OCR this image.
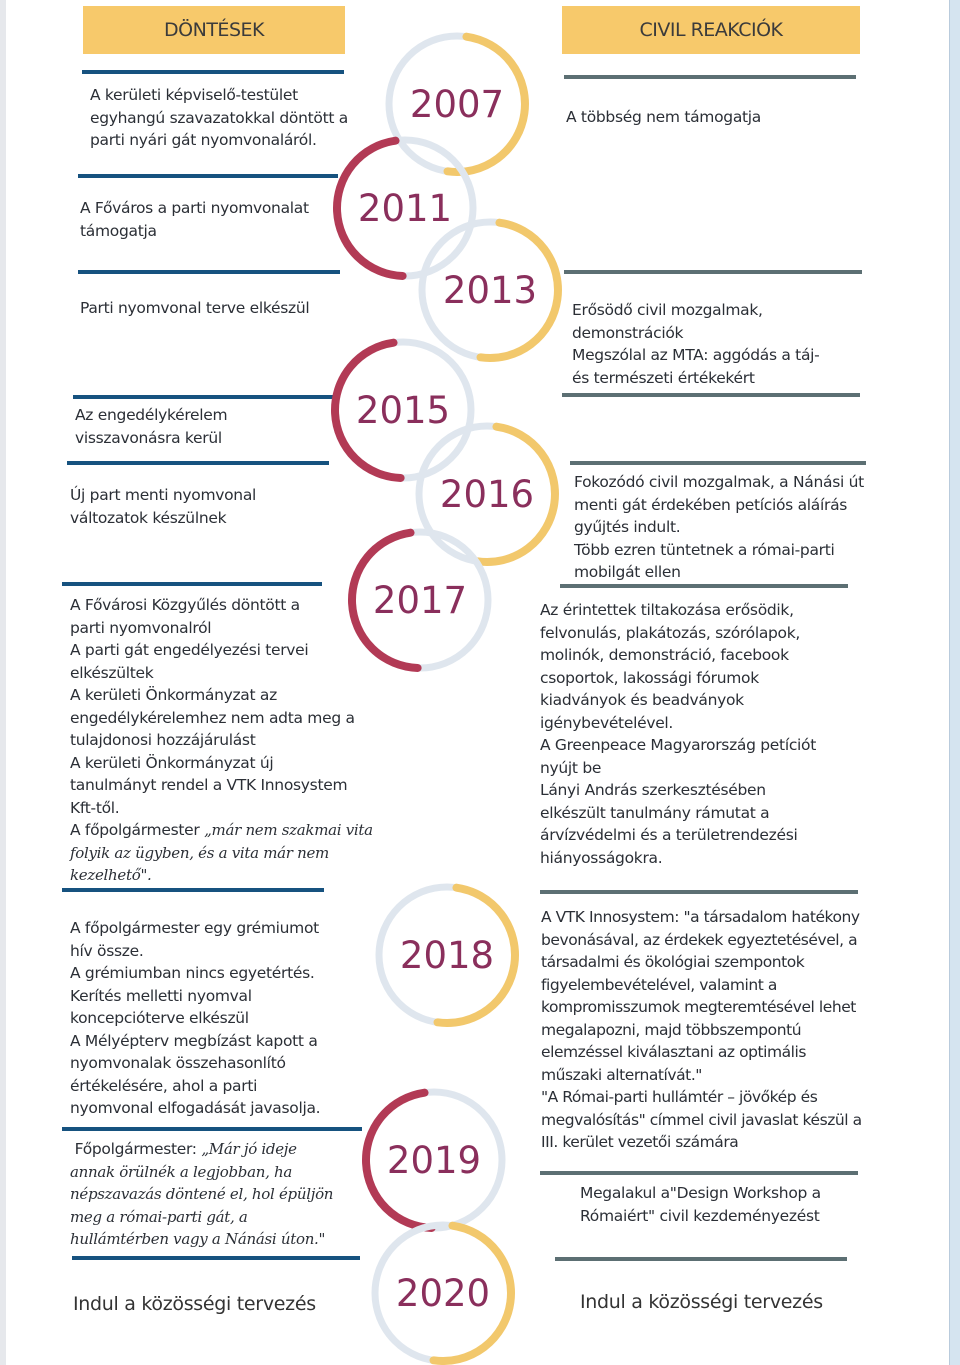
DÖNTÉSEK	CIVIL REAKCIÓK
2007
2011
2013
2015
2016
2017
2018
2019
2020
A kerületi képviselő-testület
egyhangú szavazatokkal döntött a
parti nyári gát nyomvonaláról.
A Főváros a parti nyomvonalat
támogatja
Parti nyomvonal terve elkészül
Az engedélykérelem
visszavonásra kerül
Új part menti nyomvonal
változatok készülnek
A Fővárosi Közgyűlés döntött a
parti nyomvonalról
A parti gát engedélyezési tervei
elkészültek
A kerületi Önkormányzat az
engedélykérelemhez nem adta meg a
tulajdonosi hozzájárulást
A kerületi Önkormányzat új
tanulmányt rendel a VTK Innosystem
Kft-től.
A főpolgármester „már nem szakmai vita
folyik az ügyben, és a vita már nem
kezelhető".
A főpolgármester egy grémiumot
hív össze.
A grémiumban nincs egyetértés.
Kerítés melletti nyomval
koncepcióterve elkészül
A Mélyépterv megbízást kapott a
nyomvonalak összehasonlító
értékelésére, ahol a parti
nyomvonal elfogadását javasolja.
Főpolgármester: „Már jó ideje
annak örülnék a legjobban, ha
népszavazás döntené el, hol épüljön
meg a római-parti gát, a
hullámtérben vagy a Nánási úton."
Indul a közösségi tervezés
A többség nem támogatja
Erősödő civil mozgalmak,
demonstrációk
Megszólal az MTA: aggódás a táj-
és természeti értékekért
Fokozódó civil mozgalmak, a Nánási út
menti gát érdekében petíciós aláírás
gyűjtés indult.
Több ezren tüntetnek a római-parti
mobilgát ellen
Az érintettek tiltakozása erősödik,
felvonulás, plakátozás, szórólapok,
molinók, demonstráció, facebook
csoportok, lakossági fórumok
kiadványok és beadványok
igénybevételével.
A Greenpeace Magyarország petíciót
nyújt be
Lányi András szerkesztésében
elkészült tanulmány rámutat a
árvízvédelmi és a területrendezési
hiányosságokra.
A VTK Innosystem: "a társadalom hatékony
bevonásával, az érdekek egyeztetésével, a
társadalmi és ökológiai szempontok
figyelembevételével, valamint a
kompromisszumok megteremtésével lehet
megalapozni, majd többszempontú
elemzéssel kiválasztani az optimális
műszaki alternatívát."
"A Római-parti hullámtér – jövőkép és
megvalósítás" címmel civil javaslat készül a
III. kerület vezetői számára
Megalakul a"Design Workshop a
Rómaiért" civil kezdeményezést
Indul a közösségi tervezés
